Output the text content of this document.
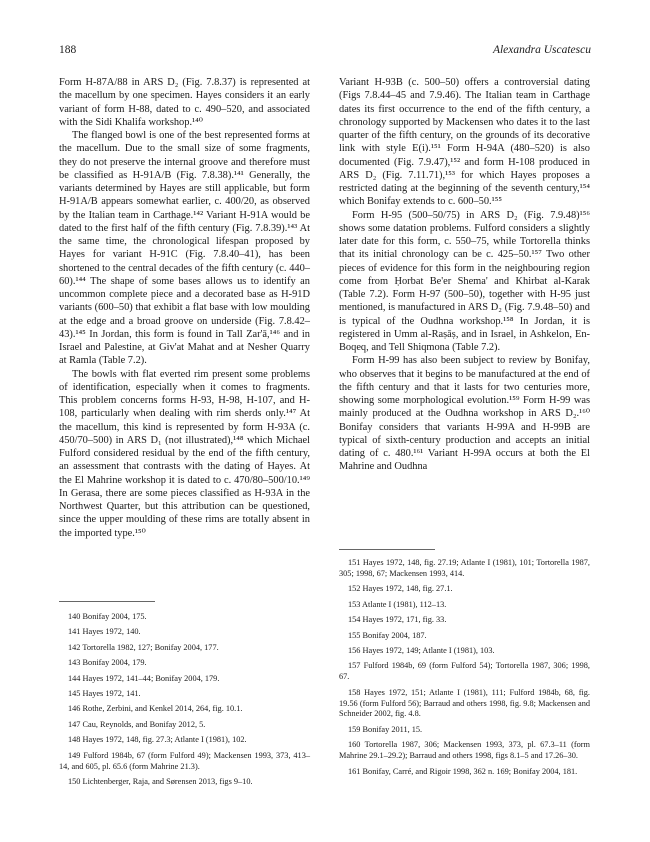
188	Alexandra Uscatescu

Form H-87A/88 in ARS D₂ (Fig. 7.8.37) is represented at the macellum by one specimen. Hayes considers it an early variant of form H-88, dated to c. 490–520, and associated with the Sidi Khalifa workshop.¹⁴⁰

The flanged bowl is one of the best represented forms at the macellum. Due to the small size of some fragments, they do not preserve the internal groove and therefore must be classified as H-91A/B (Fig. 7.8.38).¹⁴¹ Generally, the variants determined by Hayes are still applicable, but form H-91A/B appears somewhat earlier, c. 400/20, as observed by the Italian team in Carthage.¹⁴² Variant H-91A would be dated to the first half of the fifth century (Fig. 7.8.39).¹⁴³ At the same time, the chronological lifespan proposed by Hayes for variant H-91C (Fig. 7.8.40–41), has been shortened to the central decades of the fifth century (c. 440–60).¹⁴⁴ The shape of some bases allows us to identify an uncommon complete piece and a decorated base as H-91D variants (600–50) that exhibit a flat base with low moulding at the edge and a broad groove on underside (Fig. 7.8.42–43).¹⁴⁵ In Jordan, this form is found in Tall Zar'ā,¹⁴⁶ and in Israel and Palestine, at Giv'at Mahat and at Nesher Quarry at Ramla (Table 7.2).

The bowls with flat everted rim present some problems of identification, especially when it comes to fragments. This problem concerns forms H-93, H-98, H-107, and H-108, particularly when dealing with rim sherds only.¹⁴⁷ At the macellum, this kind is represented by form H-93A (c. 450/70–500) in ARS D₁ (not illustrated),¹⁴⁸ which Michael Fulford considered residual by the end of the fifth century, an assessment that contrasts with the dating of Hayes. At the El Mahrine workshop it is dated to c. 470/80–500/10.¹⁴⁹ In Gerasa, there are some pieces classified as H-93A in the Northwest Quarter, but this attribution can be questioned, since the upper moulding of these rims are totally absent in the imported type.¹⁵⁰

Variant H-93B (c. 500–50) offers a controversial dating (Figs 7.8.44–45 and 7.9.46). The Italian team in Carthage dates its first occurrence to the end of the fifth century, a chronology supported by Mackensen who dates it to the last quarter of the fifth century, on the grounds of its decorative link with style E(i).¹⁵¹ Form H-94A (480–520) is also documented (Fig. 7.9.47),¹⁵² and form H-108 produced in ARS D₂ (Fig. 7.11.71),¹⁵³ for which Hayes proposes a restricted dating at the beginning of the seventh century,¹⁵⁴ which Bonifay extends to c. 600–50.¹⁵⁵

Form H-95 (500–50/75) in ARS D₂ (Fig. 7.9.48)¹⁵⁶ shows some datation problems. Fulford considers a slightly later date for this form, c. 550–75, while Tortorella thinks that its initial chronology can be c. 425–50.¹⁵⁷ Two other pieces of evidence for this form in the neighbouring region come from Ḥorbat Be'er Shema' and Khirbat al-Karak (Table 7.2). Form H-97 (500–50), together with H-95 just mentioned, is manufactured in ARS D₂ (Fig. 7.9.48–50) and is typical of the Oudhna workshop.¹⁵⁸ In Jordan, it is registered in Umm al-Raṣāṣ, and in Israel, in Ashkelon, En-Boqeq, and Tell Shiqmona (Table 7.2).

Form H-99 has also been subject to review by Bonifay, who observes that it begins to be manufactured at the end of the fifth century and that it lasts for two centuries more, showing some morphological evolution.¹⁵⁹ Form H-99 was mainly produced at the Oudhna workshop in ARS D₂.¹⁶⁰ Bonifay considers that variants H-99A and H-99B are typical of sixth-century production and accepts an initial dating of c. 480.¹⁶¹ Variant H-99A occurs at both the El Mahrine and Oudhna

140 Bonifay 2004, 175.

141 Hayes 1972, 140.

142 Tortorella 1982, 127; Bonifay 2004, 177.

143 Bonifay 2004, 179.

144 Hayes 1972, 141–44; Bonifay 2004, 179.

145 Hayes 1972, 141.

146 Rothe, Zerbini, and Kenkel 2014, 264, fig. 10.1.

147 Cau, Reynolds, and Bonifay 2012, 5.

148 Hayes 1972, 148, fig. 27.3; Atlante I (1981), 102.

149 Fulford 1984b, 67 (form Fulford 49); Mackensen 1993, 373, 413–14, and 605, pl. 65.6 (form Mahrine 21.3).

150 Lichtenberger, Raja, and Sørensen 2013, figs 9–10.

151 Hayes 1972, 148, fig. 27.19; Atlante I (1981), 101; Tortorella 1987, 305; 1998, 67; Mackensen 1993, 414.

152 Hayes 1972, 148, fig. 27.1.

153 Atlante I (1981), 112–13.

154 Hayes 1972, 171, fig. 33.

155 Bonifay 2004, 187.

156 Hayes 1972, 149; Atlante I (1981), 103.

157 Fulford 1984b, 69 (form Fulford 54); Tortorella 1987, 306; 1998, 67.

158 Hayes 1972, 151; Atlante I (1981), 111; Fulford 1984b, 68, fig. 19.56 (form Fulford 56); Barraud and others 1998, fig. 9.8; Mackensen and Schneider 2002, fig. 4.8.

159 Bonifay 2011, 15.

160 Tortorella 1987, 306; Mackensen 1993, 373, pl. 67.3–11 (form Mahrine 29.1–29.2); Barraud and others 1998, figs 8.1–5 and 17.26–30.

161 Bonifay, Carré, and Rigoir 1998, 362 n. 169; Bonifay 2004, 181.
